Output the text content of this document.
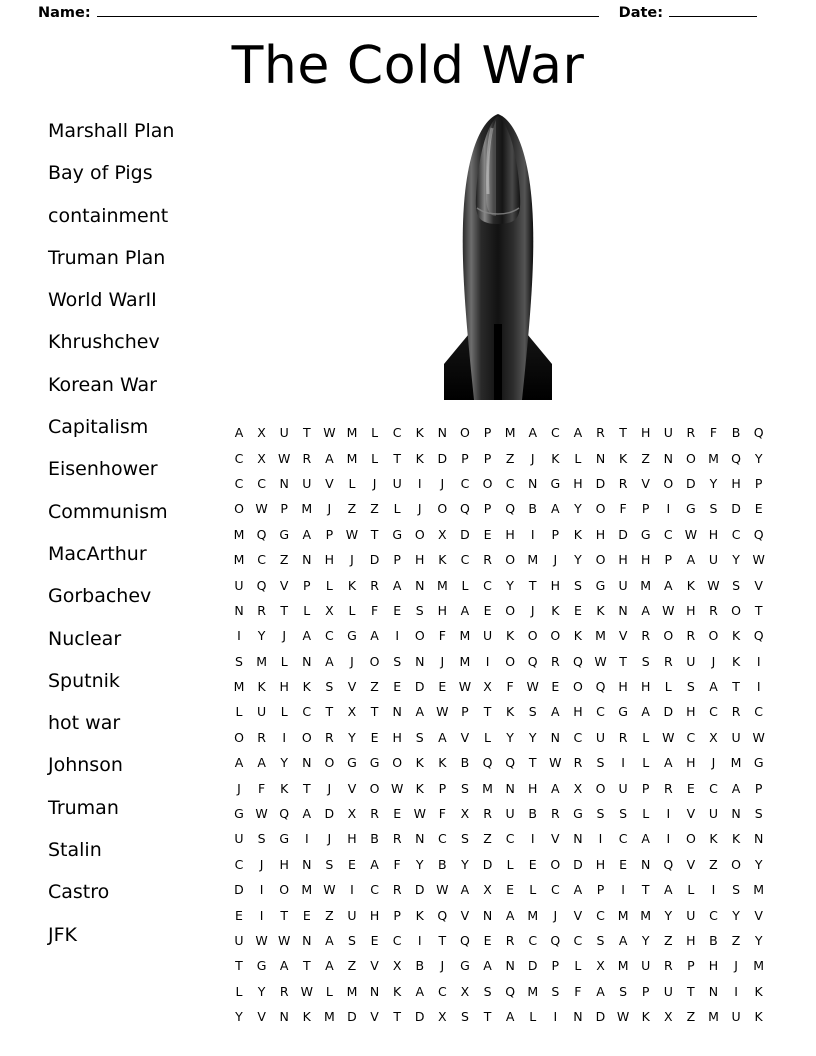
Name:	Date:
The Cold War
Marshall Plan
Bay of Pigs
containment
Truman Plan
World WarII
Khrushchev
Korean War
Capitalism
Eisenhower
Communism
MacArthur
Gorbachev
Nuclear
Sputnik
hot war
Johnson
Truman
Stalin
Castro
JFK
A X U T W M L C K N O P M A C A R T H U R F B Q
C X W R A M L T K D P P Z	J	K L N K Z N O M Q Y
C C N U V L	J	U	I	J	C O C N G H D R V O D Y H P
O W P M	J	Z Z L	J	O Q P Q B A Y O F P	I	G S D E
M Q G A P W T G O X D E H	I	P K H D G C W H C Q
M C Z N H	J	D P H K C R O M	J	Y O H H P A U Y W
U Q V P L K R A N M L C Y T H S G U M A K W S V
N R T L X L F E S H A E O	J	K E K N A W H R O T
I	Y	J	A C G A	I	O F M U K O O K M V R O R O K Q
S M L N A	J	O S N	J	M	I	O Q R Q W T S R U	J	K	I
M K H K S V Z E D E W X F W E O Q H H L S A T	I
L U L C T X T N A W P T K S A H C G A D H C R C
O R	I	O R Y E H S A V L Y Y N C U R L W C X U W
A A Y N O G G O K K B Q Q T W R S	I	L A H	J	M G
J	F K T	J	V O W K P S M N H A X O U P R E C A P
G W Q A D X R E W F X R U B R G S S L	I	V U N S
U S G	I	J	H B R N C S Z C	I	V N	I	C A	I	O K K N
C	J	H N S E A F Y B Y D L E O D H E N Q V Z O Y
D	I	O M W	I	C R D W A X E L C A P	I	T A L	I	S M
E	I	T E Z U H P K Q V N A M	J	V C M M Y U C Y V
U W W N A S E C	I	T Q E R C Q C S A Y Z H B Z Y
T G A T A Z V X B	J	G A N D P L X M U R P H	J	M
L Y R W L M N K A C X S Q M S F A S P U T N	I	K
Y V N K M D V T D X S T A L	I	N D W K X Z M U K
